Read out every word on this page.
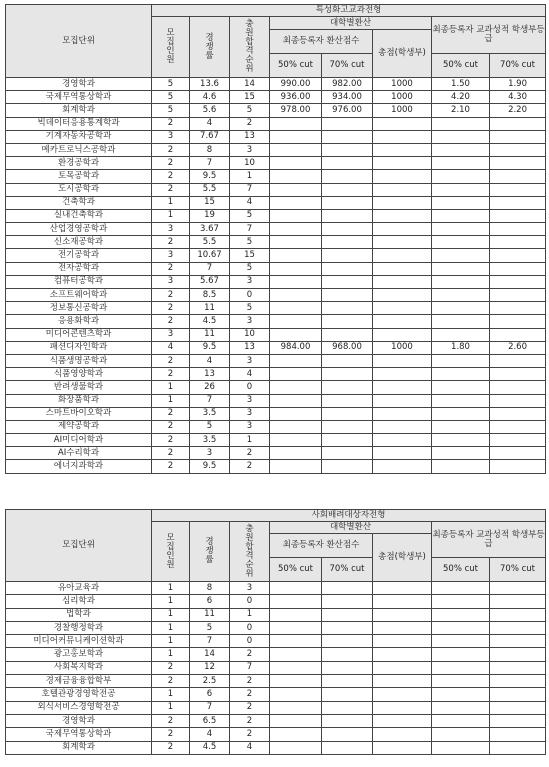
모집단위	특성화고교과전형							
	모집인원	경쟁률	충원합격순위	대학별환산			최종등록자 교과성적 학생부등급	
				최종등록자 환산점수		총점(학생부)		
				50% cut	70% cut		50% cut	70% cut
경영학과	5	13.6	14	990.00	982.00	1000	1.50	1.90
국제무역통상학과	5	4.6	15	936.00	934.00	1000	4.20	4.30
회계학과	5	5.6	5	978.00	976.00	1000	2.10	2.20
빅데이터응용통계학과	2	4	2					
기계자동차공학과	3	7.67	13					
메카트로닉스공학과	2	8	3					
환경공학과	2	7	10					
토목공학과	2	9.5	1					
도시공학과	2	5.5	7					
건축학과	1	15	4					
실내건축학과	1	19	5					
산업경영공학과	3	3.67	7					
신소재공학과	2	5.5	5					
전기공학과	3	10.67	15					
전자공학과	2	7	5					
컴퓨터공학과	3	5.67	3					
소프트웨어학과	2	8.5	0					
정보통신공학과	2	11	5					
응용화학과	2	4.5	3					
미디어콘텐츠학과	3	11	10					
패션디자인학과	4	9.5	13	984.00	968.00	1000	1.80	2.60
식품생명공학과	2	4	3					
식품영양학과	2	13	4					
반려생물학과	1	26	0					
화장품학과	1	7	3					
스마트바이오학과	2	3.5	3					
제약공학과	2	5	3					
AI미디어학과	2	3.5	1					
AI수리학과	2	3	2					
에너지과학과	2	9.5	2					
모집단위	사회배려대상자전형							
	모집인원	경쟁률	충원합격순위	대학별환산			최종등록자 교과성적 학생부등급	
				최종등록자 환산점수		총점(학생부)		
				50% cut	70% cut		50% cut	70% cut
유아교육과	1	8	3					
심리학과	1	6	0					
법학과	1	11	1					
경찰행정학과	1	5	0					
미디어커뮤니케이션학과	1	7	0					
광고홍보학과	1	14	2					
사회복지학과	2	12	7					
경제금융융합학부	2	2.5	2					
호텔관광경영학전공	1	6	2					
외식서비스경영학전공	1	7	2					
경영학과	2	6.5	2					
국제무역통상학과	2	4	2					
회계학과	2	4.5	4					
